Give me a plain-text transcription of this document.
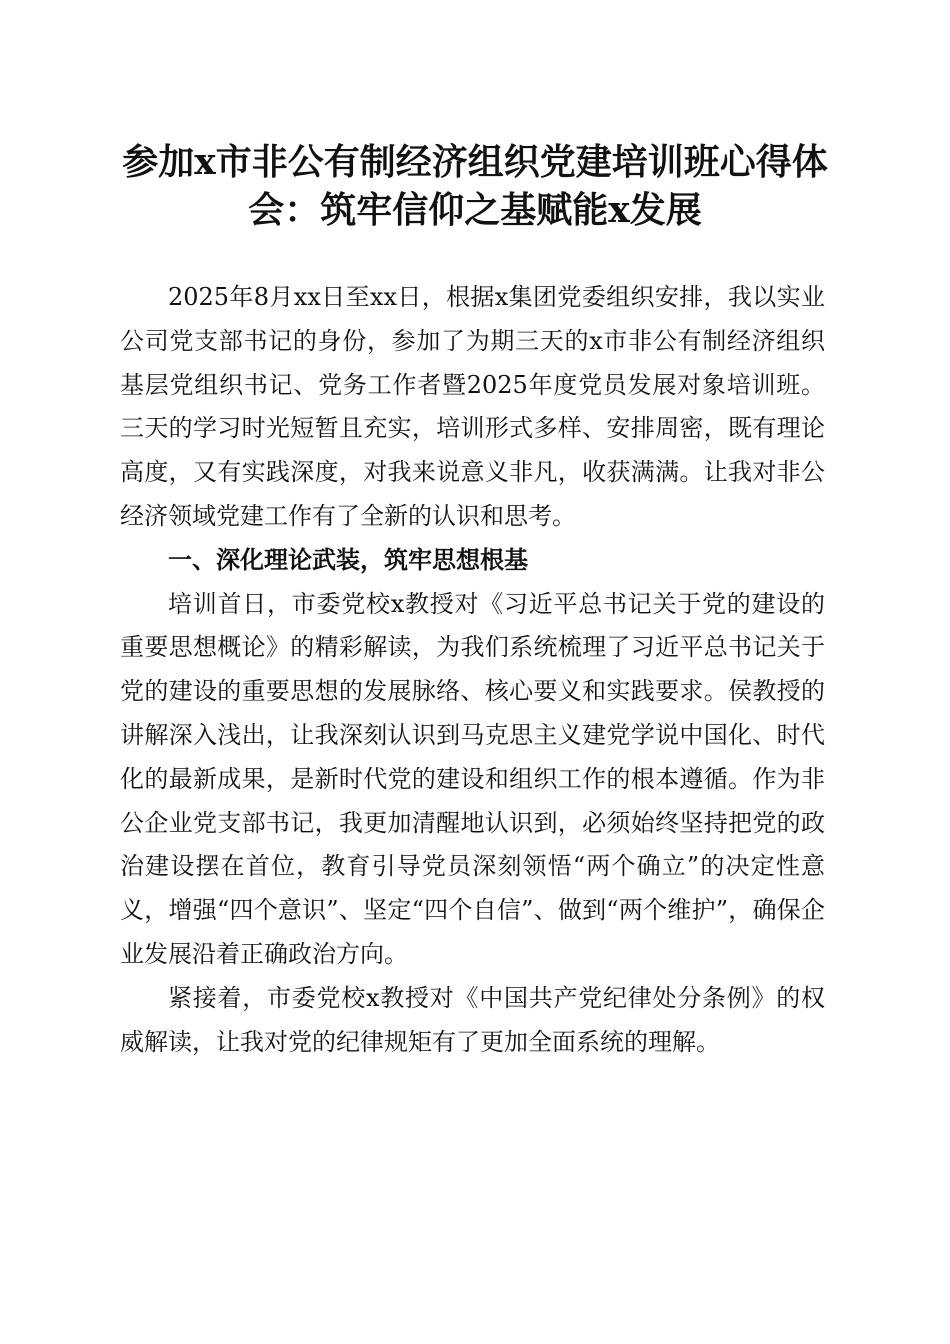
参加x市非公有制经济组织党建培训班心得体会：筑牢信仰之基赋能x发展

2025年8月xx日至xx日，根据x集团党委组织安排，我以实业公司党支部书记的身份，参加了为期三天的x市非公有制经济组织基层党组织书记、党务工作者暨2025年度党员发展对象培训班。三天的学习时光短暂且充实，培训形式多样、安排周密，既有理论高度，又有实践深度，对我来说意义非凡，收获满满。让我对非公经济领域党建工作有了全新的认识和思考。

一、深化理论武装，筑牢思想根基

培训首日，市委党校x教授对《习近平总书记关于党的建设的重要思想概论》的精彩解读，为我们系统梳理了习近平总书记关于党的建设的重要思想的发展脉络、核心要义和实践要求。侯教授的讲解深入浅出，让我深刻认识到马克思主义建党学说中国化、时代化的最新成果，是新时代党的建设和组织工作的根本遵循。作为非公企业党支部书记，我更加清醒地认识到，必须始终坚持把党的政治建设摆在首位，教育引导党员深刻领悟“两个确立”的决定性意义，增强“四个意识”、坚定“四个自信”、做到“两个维护”，确保企业发展沿着正确政治方向。

紧接着，市委党校x教授对《中国共产党纪律处分条例》的权威解读，让我对党的纪律规矩有了更加全面系统的理解。
